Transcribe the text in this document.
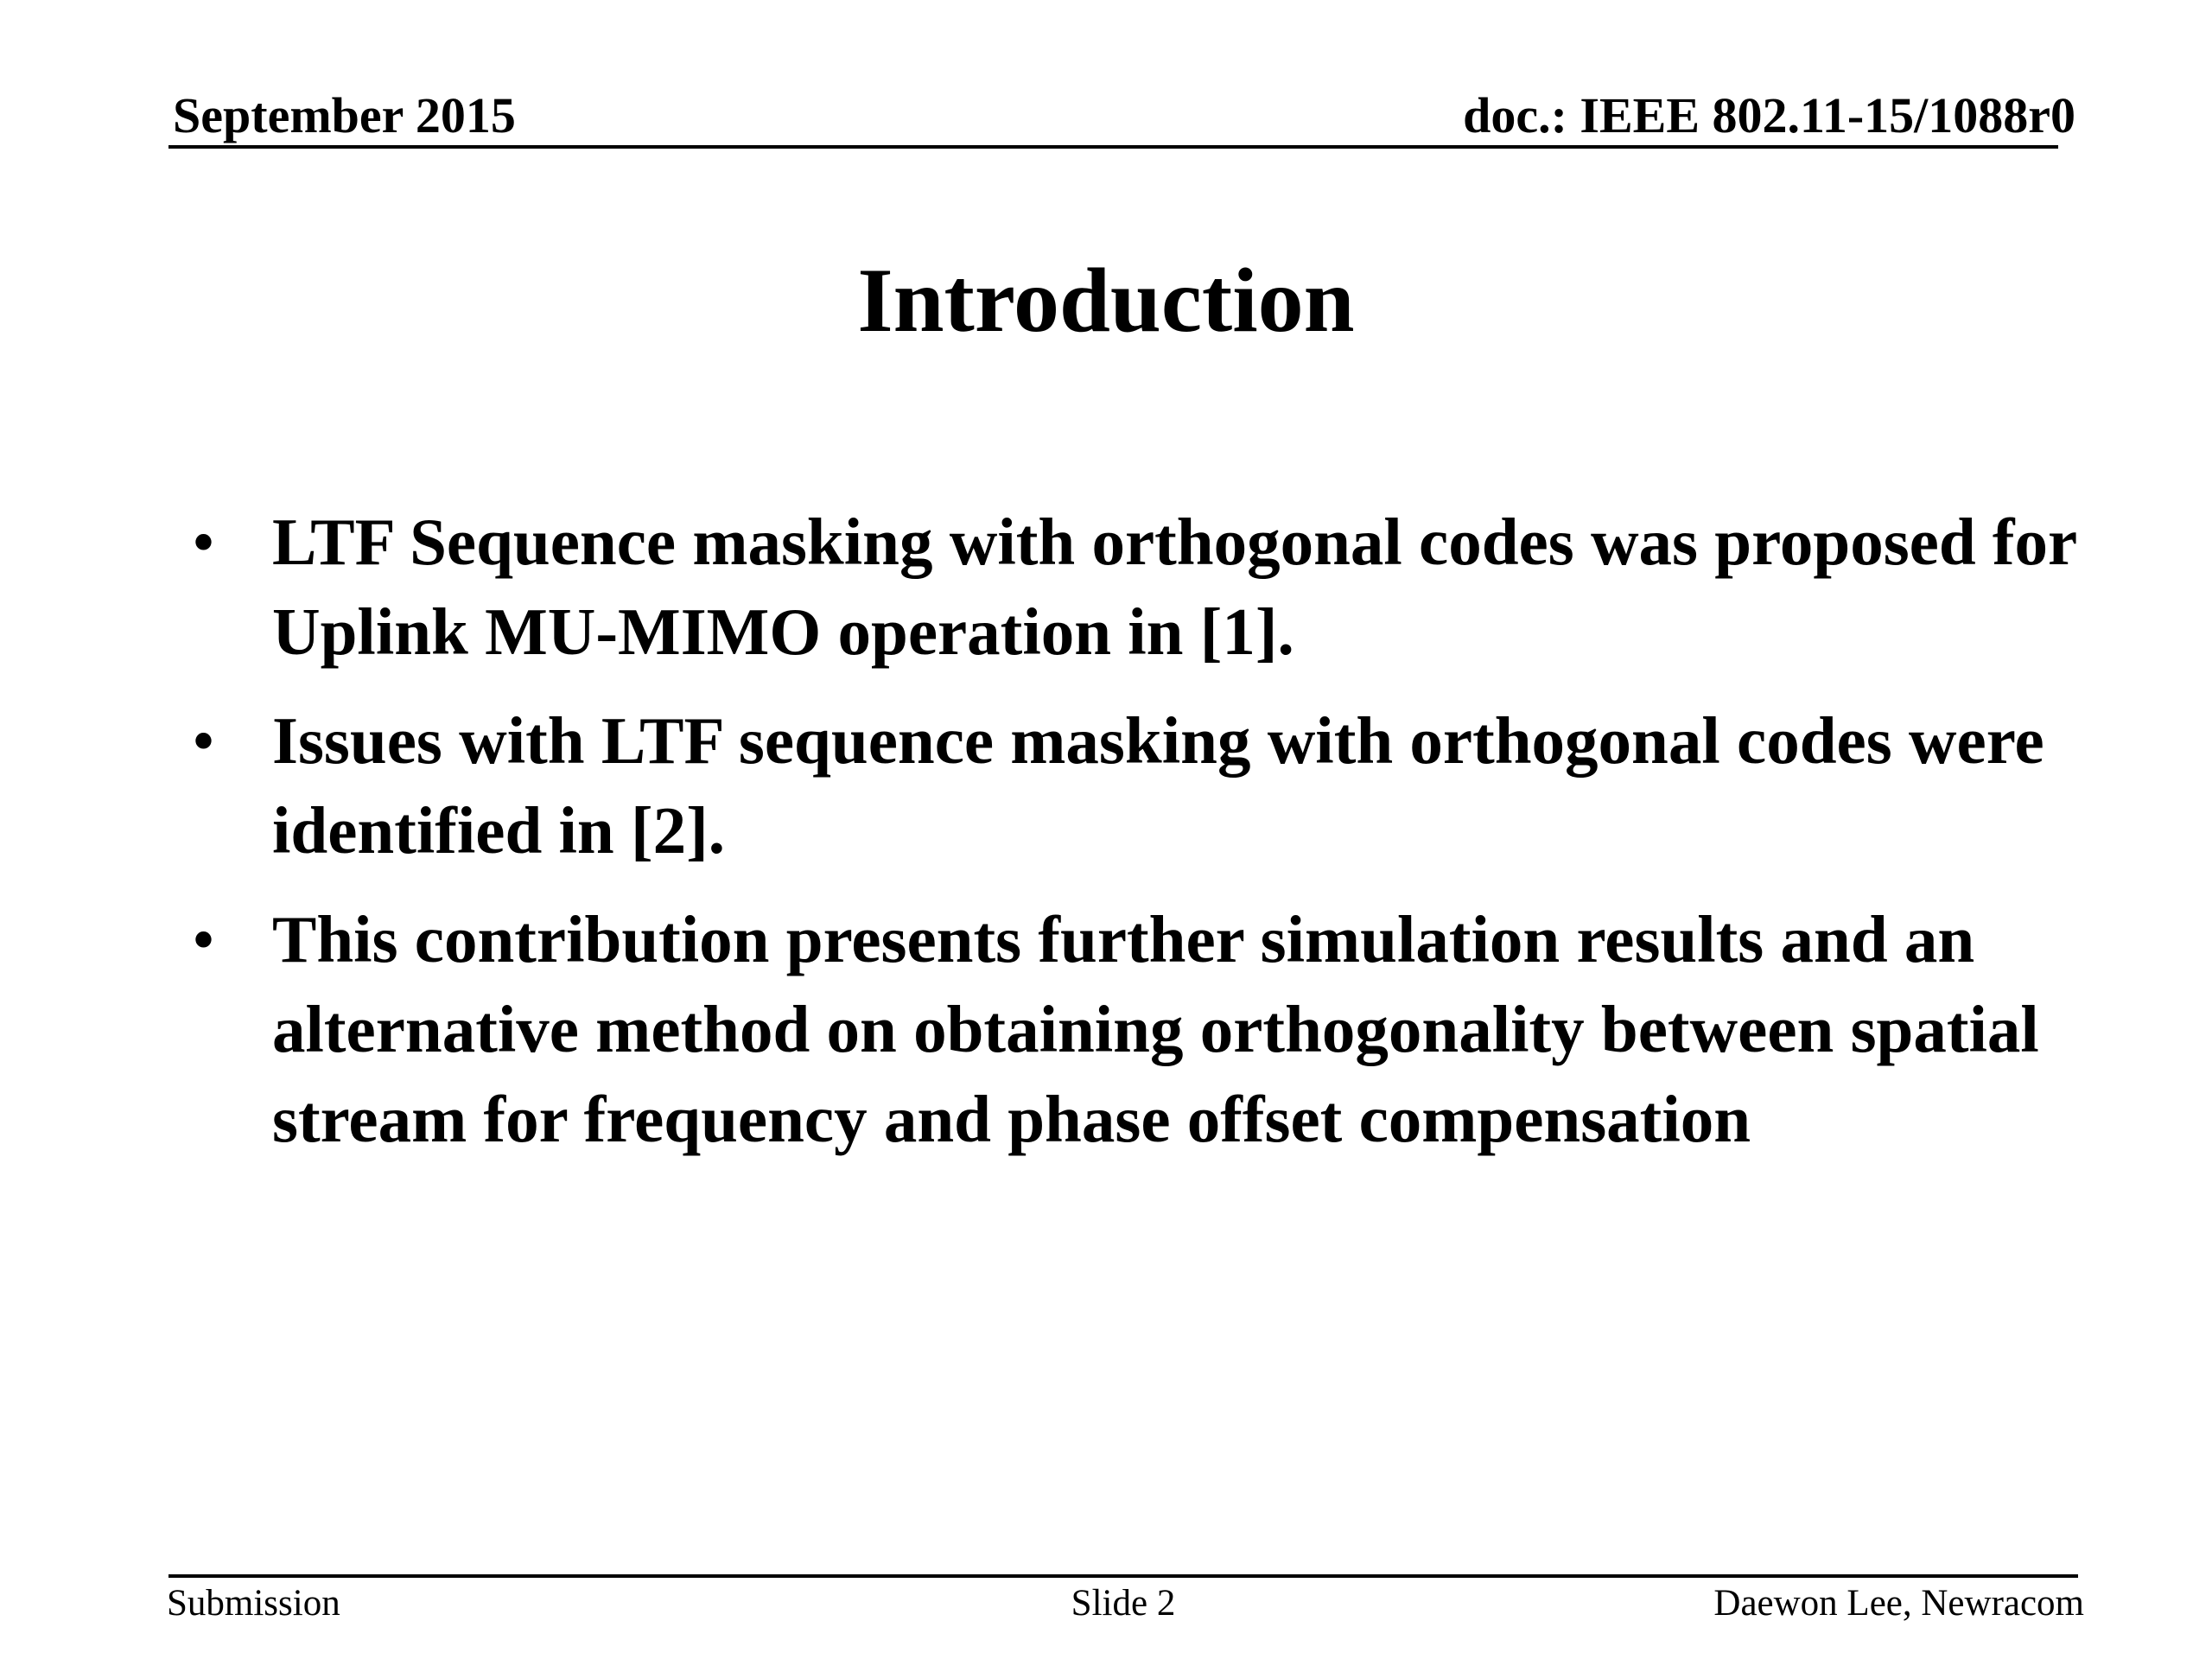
September 2015	doc.: IEEE 802.11-15/1088r0
Introduction
• LTF Sequence masking with orthogonal codes was proposed for Uplink MU-MIMO operation in [1].
• Issues with LTF sequence masking with orthogonal codes were identified in [2].
• This contribution presents further simulation results and an alternative method on obtaining orthogonality between spatial stream for frequency and phase offset compensation
Submission	Slide 2	Daewon Lee, Newracom
